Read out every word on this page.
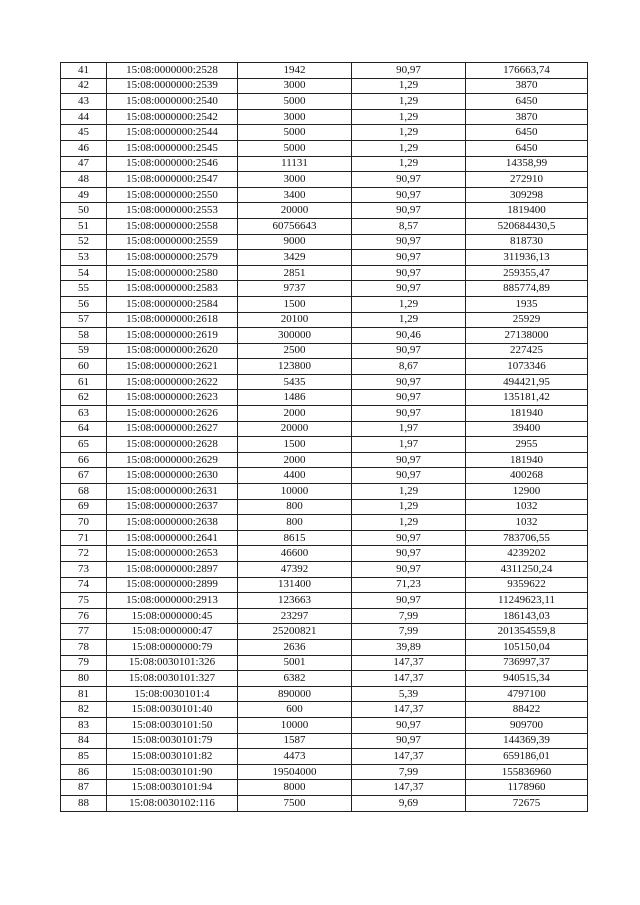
41	15:08:0000000:2528	1942	90,97	176663,74
42	15:08:0000000:2539	3000	1,29	3870
43	15:08:0000000:2540	5000	1,29	6450
44	15:08:0000000:2542	3000	1,29	3870
45	15:08:0000000:2544	5000	1,29	6450
46	15:08:0000000:2545	5000	1,29	6450
47	15:08:0000000:2546	11131	1,29	14358,99
48	15:08:0000000:2547	3000	90,97	272910
49	15:08:0000000:2550	3400	90,97	309298
50	15:08:0000000:2553	20000	90,97	1819400
51	15:08:0000000:2558	60756643	8,57	520684430,5
52	15:08:0000000:2559	9000	90,97	818730
53	15:08:0000000:2579	3429	90,97	311936,13
54	15:08:0000000:2580	2851	90,97	259355,47
55	15:08:0000000:2583	9737	90,97	885774,89
56	15:08:0000000:2584	1500	1,29	1935
57	15:08:0000000:2618	20100	1,29	25929
58	15:08:0000000:2619	300000	90,46	27138000
59	15:08:0000000:2620	2500	90,97	227425
60	15:08:0000000:2621	123800	8,67	1073346
61	15:08:0000000:2622	5435	90,97	494421,95
62	15:08:0000000:2623	1486	90,97	135181,42
63	15:08:0000000:2626	2000	90,97	181940
64	15:08:0000000:2627	20000	1,97	39400
65	15:08:0000000:2628	1500	1,97	2955
66	15:08:0000000:2629	2000	90,97	181940
67	15:08:0000000:2630	4400	90,97	400268
68	15:08:0000000:2631	10000	1,29	12900
69	15:08:0000000:2637	800	1,29	1032
70	15:08:0000000:2638	800	1,29	1032
71	15:08:0000000:2641	8615	90,97	783706,55
72	15:08:0000000:2653	46600	90,97	4239202
73	15:08:0000000:2897	47392	90,97	4311250,24
74	15:08:0000000:2899	131400	71,23	9359622
75	15:08:0000000:2913	123663	90,97	11249623,11
76	15:08:0000000:45	23297	7,99	186143,03
77	15:08:0000000:47	25200821	7,99	201354559,8
78	15:08:0000000:79	2636	39,89	105150,04
79	15:08:0030101:326	5001	147,37	736997,37
80	15:08:0030101:327	6382	147,37	940515,34
81	15:08:0030101:4	890000	5,39	4797100
82	15:08:0030101:40	600	147,37	88422
83	15:08:0030101:50	10000	90,97	909700
84	15:08:0030101:79	1587	90,97	144369,39
85	15:08:0030101:82	4473	147,37	659186,01
86	15:08:0030101:90	19504000	7,99	155836960
87	15:08:0030101:94	8000	147,37	1178960
88	15:08:0030102:116	7500	9,69	72675
